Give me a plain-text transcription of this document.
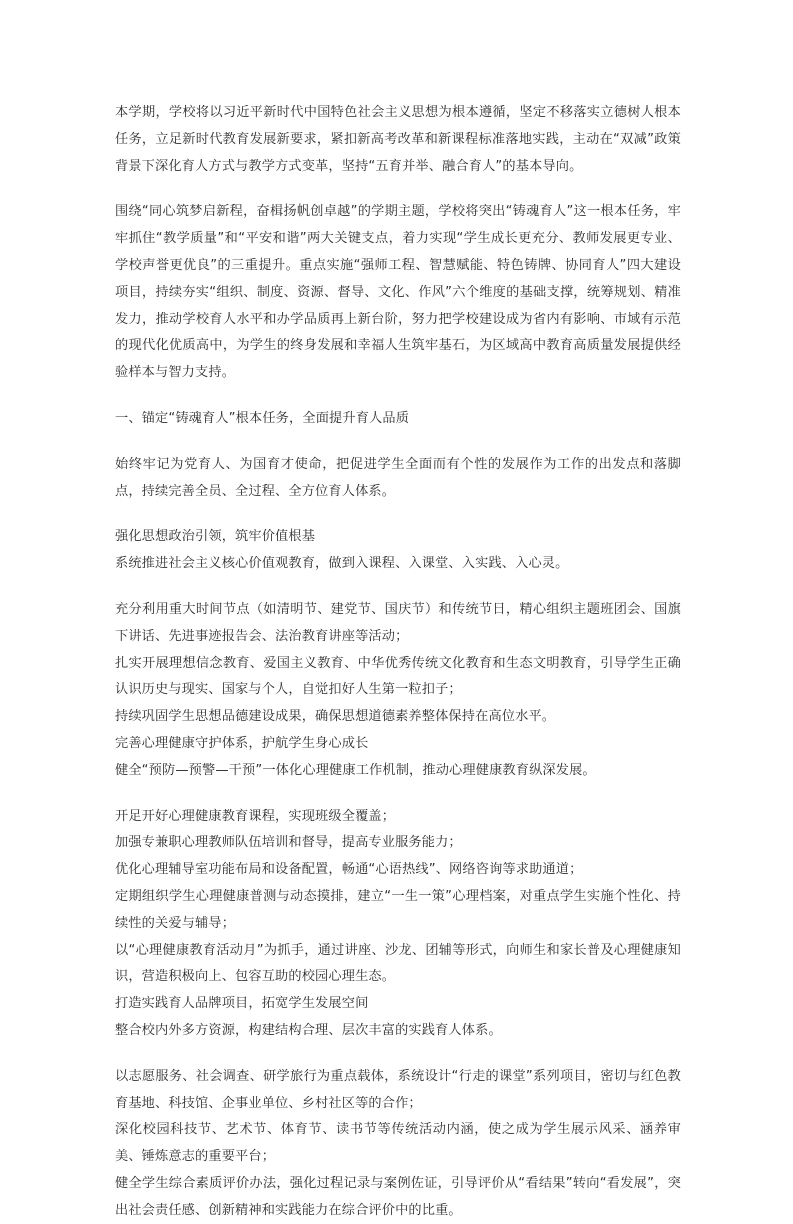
本学期，学校将以习近平新时代中国特色社会主义思想为根本遵循，坚定不移落实立德树人根本任务，立足新时代教育发展新要求，紧扣新高考改革和新课程标准落地实践，主动在“双减”政策背景下深化育人方式与教学方式变革，坚持“五育并举、融合育人”的基本导向。

围绕“同心筑梦启新程，奋楫扬帆创卓越”的学期主题，学校将突出“铸魂育人”这一根本任务，牢牢抓住“教学质量”和“平安和谐”两大关键支点，着力实现“学生成长更充分、教师发展更专业、学校声誉更优良”的三重提升。重点实施“强师工程、智慧赋能、特色铸牌、协同育人”四大建设项目，持续夯实“组织、制度、资源、督导、文化、作风”六个维度的基础支撑，统筹规划、精准发力，推动学校育人水平和办学品质再上新台阶，努力把学校建设成为省内有影响、市域有示范的现代化优质高中，为学生的终身发展和幸福人生筑牢基石，为区域高中教育高质量发展提供经验样本与智力支持。

一、锚定“铸魂育人”根本任务，全面提升育人品质

始终牢记为党育人、为国育才使命，把促进学生全面而有个性的发展作为工作的出发点和落脚点，持续完善全员、全过程、全方位育人体系。

强化思想政治引领，筑牢价值根基
系统推进社会主义核心价值观教育，做到入课程、入课堂、入实践、入心灵。
充分利用重大时间节点（如清明节、建党节、国庆节）和传统节日，精心组织主题班团会、国旗下讲话、先进事迹报告会、法治教育讲座等活动；
扎实开展理想信念教育、爱国主义教育、中华优秀传统文化教育和生态文明教育，引导学生正确认识历史与现实、国家与个人，自觉扣好人生第一粒扣子；
持续巩固学生思想品德建设成果，确保思想道德素养整体保持在高位水平。
完善心理健康守护体系，护航学生身心成长
健全“预防—预警—干预”一体化心理健康工作机制，推动心理健康教育纵深发展。
开足开好心理健康教育课程，实现班级全覆盖；
加强专兼职心理教师队伍培训和督导，提高专业服务能力；
优化心理辅导室功能布局和设备配置，畅通“心语热线”、网络咨询等求助通道；
定期组织学生心理健康普测与动态摸排，建立“一生一策”心理档案，对重点学生实施个性化、持续性的关爱与辅导；
以“心理健康教育活动月”为抓手，通过讲座、沙龙、团辅等形式，向师生和家长普及心理健康知识，营造积极向上、包容互助的校园心理生态。
打造实践育人品牌项目，拓宽学生发展空间
整合校内外多方资源，构建结构合理、层次丰富的实践育人体系。
以志愿服务、社会调查、研学旅行为重点载体，系统设计“行走的课堂”系列项目，密切与红色教育基地、科技馆、企事业单位、乡村社区等的合作；
深化校园科技节、艺术节、体育节、读书节等传统活动内涵，使之成为学生展示风采、涵养审美、锤炼意志的重要平台；
健全学生综合素质评价办法，强化过程记录与案例佐证，引导评价从“看结果”转向“看发展”，突出社会责任感、创新精神和实践能力在综合评价中的比重。
